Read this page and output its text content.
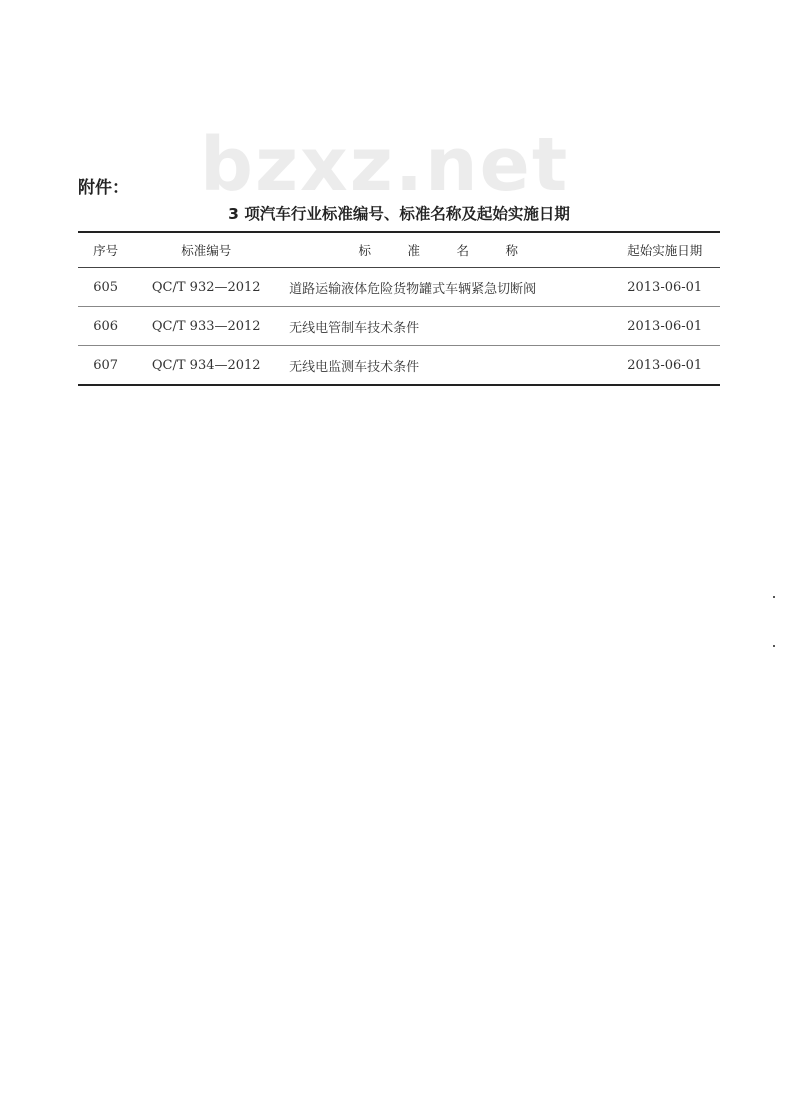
bzxz.net
附件：
3 项汽车行业标准编号、标准名称及起始实施日期
序号	标准编号	标　准　名　称	起始实施日期
605	QC/T 932—2012	道路运输液体危险货物罐式车辆紧急切断阀	2013-06-01
606	QC/T 933—2012	无线电管制车技术条件	2013-06-01
607	QC/T 934—2012	无线电监测车技术条件	2013-06-01
